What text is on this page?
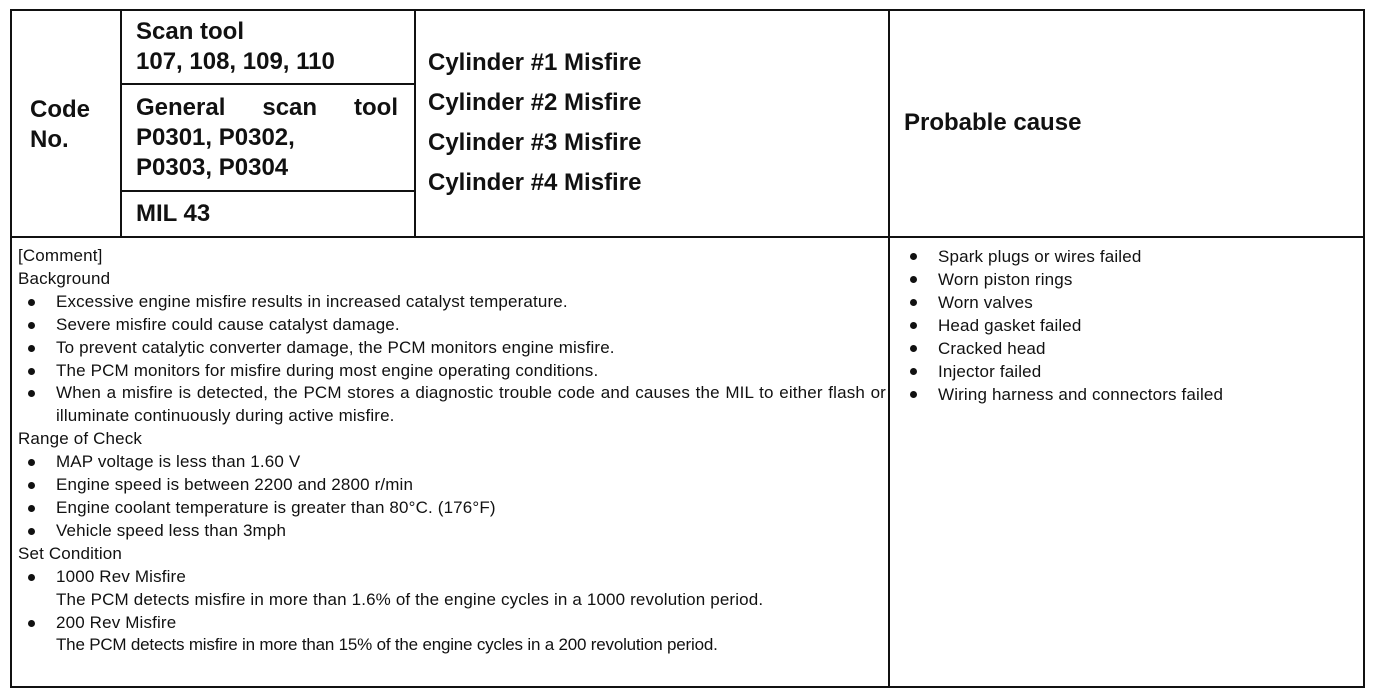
Code
No.
Scan tool
107, 108, 109, 110
General scan tool
P0301, P0302,
P0303, P0304
MIL 43
Cylinder #1 Misfire
Cylinder #2 Misfire
Cylinder #3 Misfire
Cylinder #4 Misfire
Probable cause
[Comment]
Background
Excessive engine misfire results in increased catalyst temperature.
Severe misfire could cause catalyst damage.
To prevent catalytic converter damage, the PCM monitors engine misfire.
The PCM monitors for misfire during most engine operating conditions.
When a misfire is detected, the PCM stores a diagnostic trouble code and causes the MIL to either flash or illuminate continuously during active misfire.
Range of Check
MAP voltage is less than 1.60 V
Engine speed is between 2200 and 2800 r/min
Engine coolant temperature is greater than 80°C. (176°F)
Vehicle speed less than 3mph
Set Condition
1000 Rev Misfire
The PCM detects misfire in more than 1.6% of the engine cycles in a 1000 revolution period.
200 Rev Misfire
The PCM detects misfire in more than 15% of the engine cycles in a 200 revolution period.
Spark plugs or wires failed
Worn piston rings
Worn valves
Head gasket failed
Cracked head
Injector failed
Wiring harness and connectors failed
